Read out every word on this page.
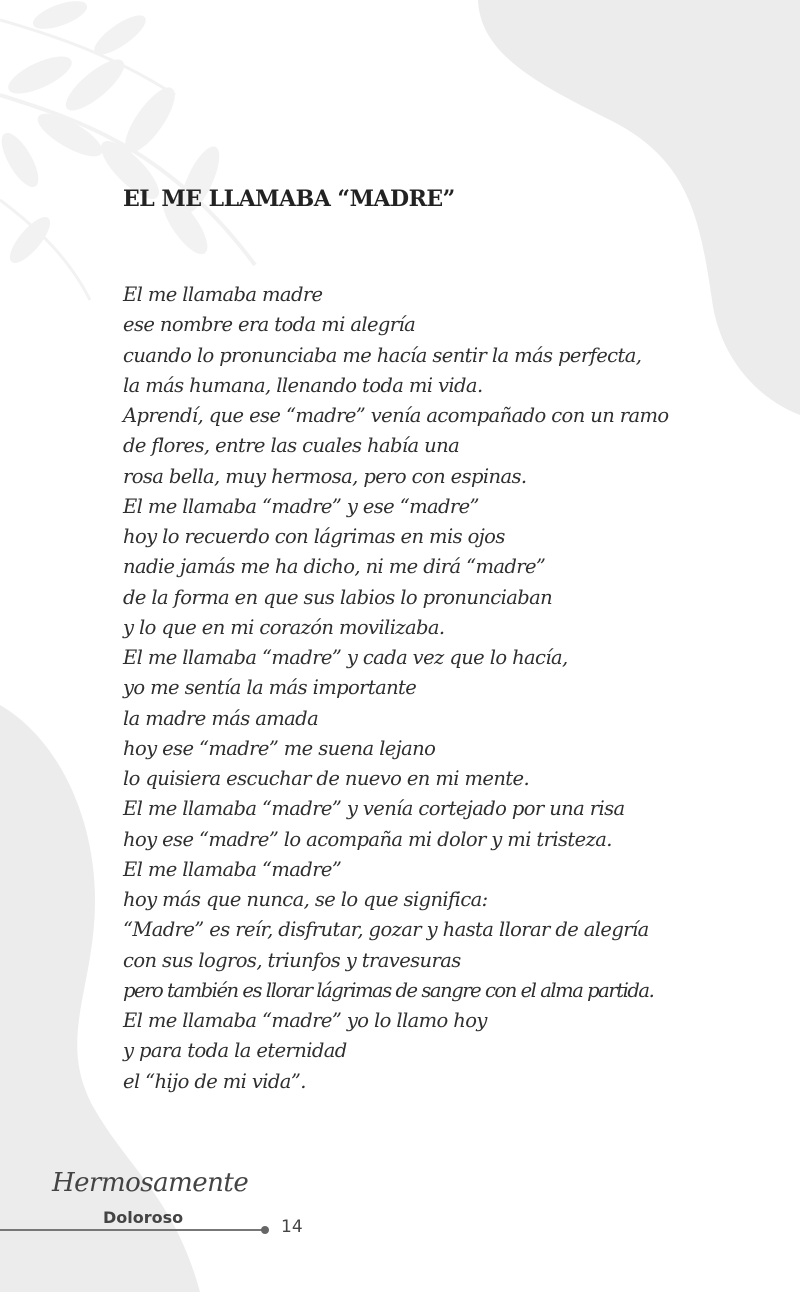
EL ME LLAMABA “MADRE”
El me llamaba madre
ese nombre era toda mi alegría
cuando lo pronunciaba me hacía sentir la más perfecta,
la más humana, llenando toda mi vida.
Aprendí, que ese “madre” venía acompañado con un ramo
de flores, entre las cuales había una
rosa bella, muy hermosa, pero con espinas.
El me llamaba “madre” y ese “madre”
hoy lo recuerdo con lágrimas en mis ojos
nadie jamás me ha dicho, ni me dirá “madre”
de la forma en que sus labios lo pronunciaban
y lo que en mi corazón movilizaba.
El me llamaba “madre” y cada vez que lo hacía,
yo me sentía la más importante
la madre más amada
hoy ese “madre” me suena lejano
lo quisiera escuchar de nuevo en mi mente.
El me llamaba “madre” y venía cortejado por una risa
hoy ese “madre” lo acompaña mi dolor y mi tristeza.
El me llamaba “madre”
hoy más que nunca, se lo que significa:
“Madre” es reír, disfrutar, gozar y hasta llorar de alegría
con sus logros, triunfos y travesuras
pero también es llorar lágrimas de sangre con el alma partida.
El me llamaba “madre” yo lo llamo hoy
y para toda la eternidad
el “hijo de mi vida”.
Hermosamente
Doloroso	14
